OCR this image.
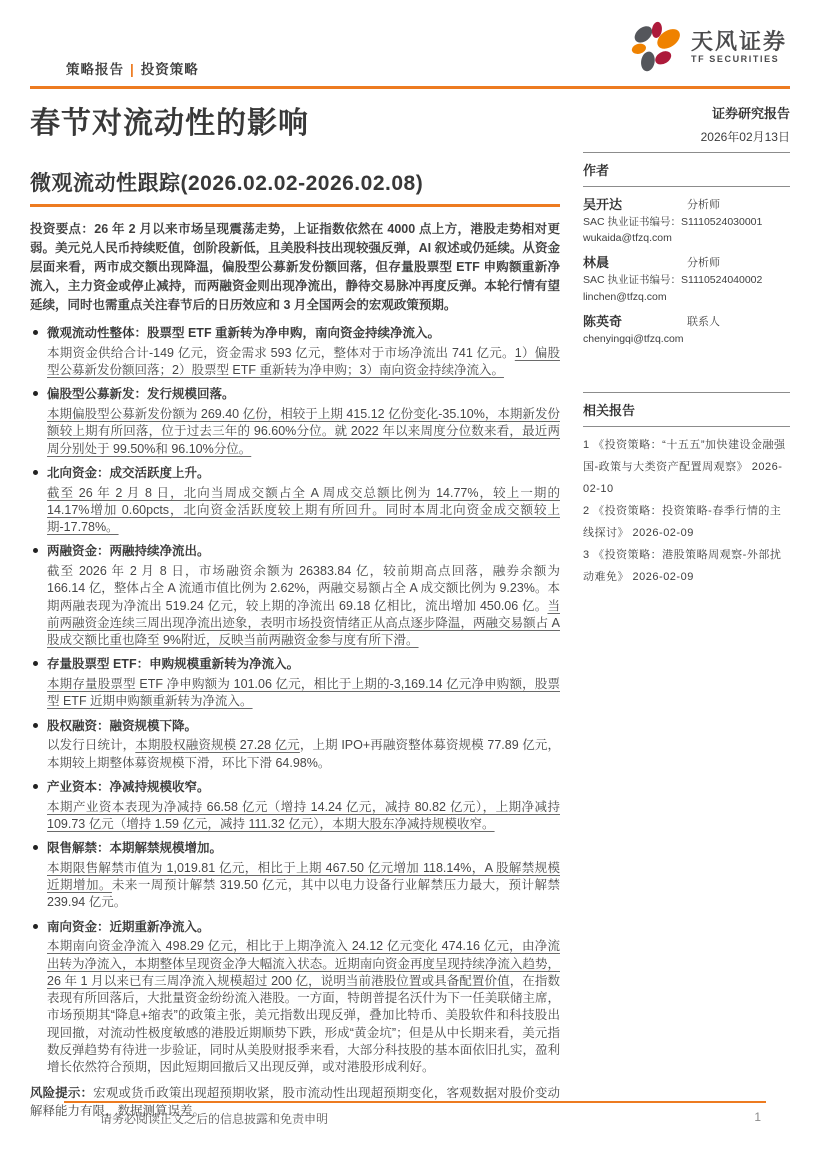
策略报告 | 投资策略
天风证券
TF SECURITIES
春节对流动性的影响
微观流动性跟踪(2026.02.02-2026.02.08)

投资要点：26 年 2 月以来市场呈现震荡走势，上证指数依然在 4000 点上方，港股走势相对更弱。美元兑人民币持续贬值，创阶段新低，且美股科技出现较强反弹，AI 叙述或仍延续。从资金层面来看，两市成交额出现降温，偏股型公募新发份额回落，但存量股票型 ETF 申购额重新净流入，主力资金或停止减持，而两融资金则出现净流出，静待交易脉冲再度反弹。本轮行情有望延续，同时也需重点关注春节后的日历效应和 3 月全国两会的宏观政策预期。

微观流动性整体：股票型 ETF 重新转为净申购，南向资金持续净流入。

本期资金供给合计-149 亿元，资金需求 593 亿元，整体对于市场净流出 741 亿元。1）偏股型公募新发份额回落；2）股票型 ETF 重新转为净申购；3）南向资金持续净流入。

偏股型公募新发：发行规模回落。

本期偏股型公募新发份额为 269.40 亿份，相较于上期 415.12 亿份变化-35.10%，本期新发份额较上期有所回落，位于过去三年的 96.60%分位。就 2022 年以来周度分位数来看，最近两周分别处于 99.50%和 96.10%分位。

北向资金：成交活跃度上升。

截至 26 年 2 月 8 日，北向当周成交额占全 A 周成交总额比例为 14.77%，较上一期的 14.17%增加 0.60pcts，北向资金活跃度较上期有所回升。同时本周北向资金成交额较上期-17.78%。

两融资金：两融持续净流出。

截至 2026 年 2 月 8 日，市场融资余额为 26383.84 亿，较前期高点回落，融券余额为 166.14 亿，整体占全 A 流通市值比例为 2.62%，两融交易额占全 A 成交额比例为 9.23%。本期两融表现为净流出 519.24 亿元，较上期的净流出 69.18 亿相比，流出增加 450.06 亿。当前两融资金连续三周出现净流出迹象，表明市场投资情绪正从高点逐步降温，两融交易额占 A 股成交额比重也降至 9%附近，反映当前两融资金参与度有所下滑。

存量股票型 ETF：申购规模重新转为净流入。

本期存量股票型 ETF 净申购额为 101.06 亿元，相比于上期的-3,169.14 亿元净申购额，股票型 ETF 近期申购额重新转为净流入。

股权融资：融资规模下降。

以发行日统计，本期股权融资规模 27.28 亿元，上期 IPO+再融资整体募资规模 77.89 亿元，本期较上期整体募资规模下滑，环比下滑 64.98%。

产业资本：净减持规模收窄。

本期产业资本表现为净减持 66.58 亿元（增持 14.24 亿元，减持 80.82 亿元），上期净减持 109.73 亿元（增持 1.59 亿元，减持 111.32 亿元），本期大股东净减持规模收窄。

限售解禁：本期解禁规模增加。

本期限售解禁市值为 1,019.81 亿元，相比于上期 467.50 亿元增加 118.14%，A 股解禁规模近期增加。未来一周预计解禁 319.50 亿元，其中以电力设备行业解禁压力最大，预计解禁 239.94 亿元。

南向资金：近期重新净流入。

本期南向资金净流入 498.29 亿元，相比于上期净流入 24.12 亿元变化 474.16 亿元，由净流出转为净流入，本期整体呈现资金净大幅流入状态。近期南向资金再度呈现持续净流入趋势，26 年 1 月以来已有三周净流入规模超过 200 亿，说明当前港股位置或具备配置价值，在指数表现有所回落后，大批量资金纷纷流入港股。一方面，特朗普提名沃什为下一任美联储主席，市场预期其“降息+缩表”的政策主张，美元指数出现反弹，叠加比特币、美股软件和科技股出现回撤，对流动性极度敏感的港股近期顺势下跌，形成“黄金坑”；但是从中长期来看，美元指数反弹趋势有待进一步验证，同时从美股财报季来看，大部分科技股的基本面依旧扎实，盈利增长依然符合预期，因此短期回撤后又出现反弹，或对港股形成利好。

风险提示：宏观或货币政策出现超预期收紧，股市流动性出现超预期变化，客观数据对股价变动解释能力有限，数据测算误差。

证券研究报告
2026年02月13日
作者
吴开达	分析师
SAC 执业证书编号：S1110524030001
wukaida@tfzq.com
林晨	分析师
SAC 执业证书编号：S1110524040002
linchen@tfzq.com
陈英奇	联系人
chenyingqi@tfzq.com
相关报告
1 《投资策略：“十五五”加快建设金融强国-政策与大类资产配置周观察》 2026-02-10
2 《投资策略：投资策略-春季行情的主线探讨》 2026-02-09
3 《投资策略：港股策略周观察-外部扰动难免》 2026-02-09
请务必阅读正文之后的信息披露和免责申明	1
